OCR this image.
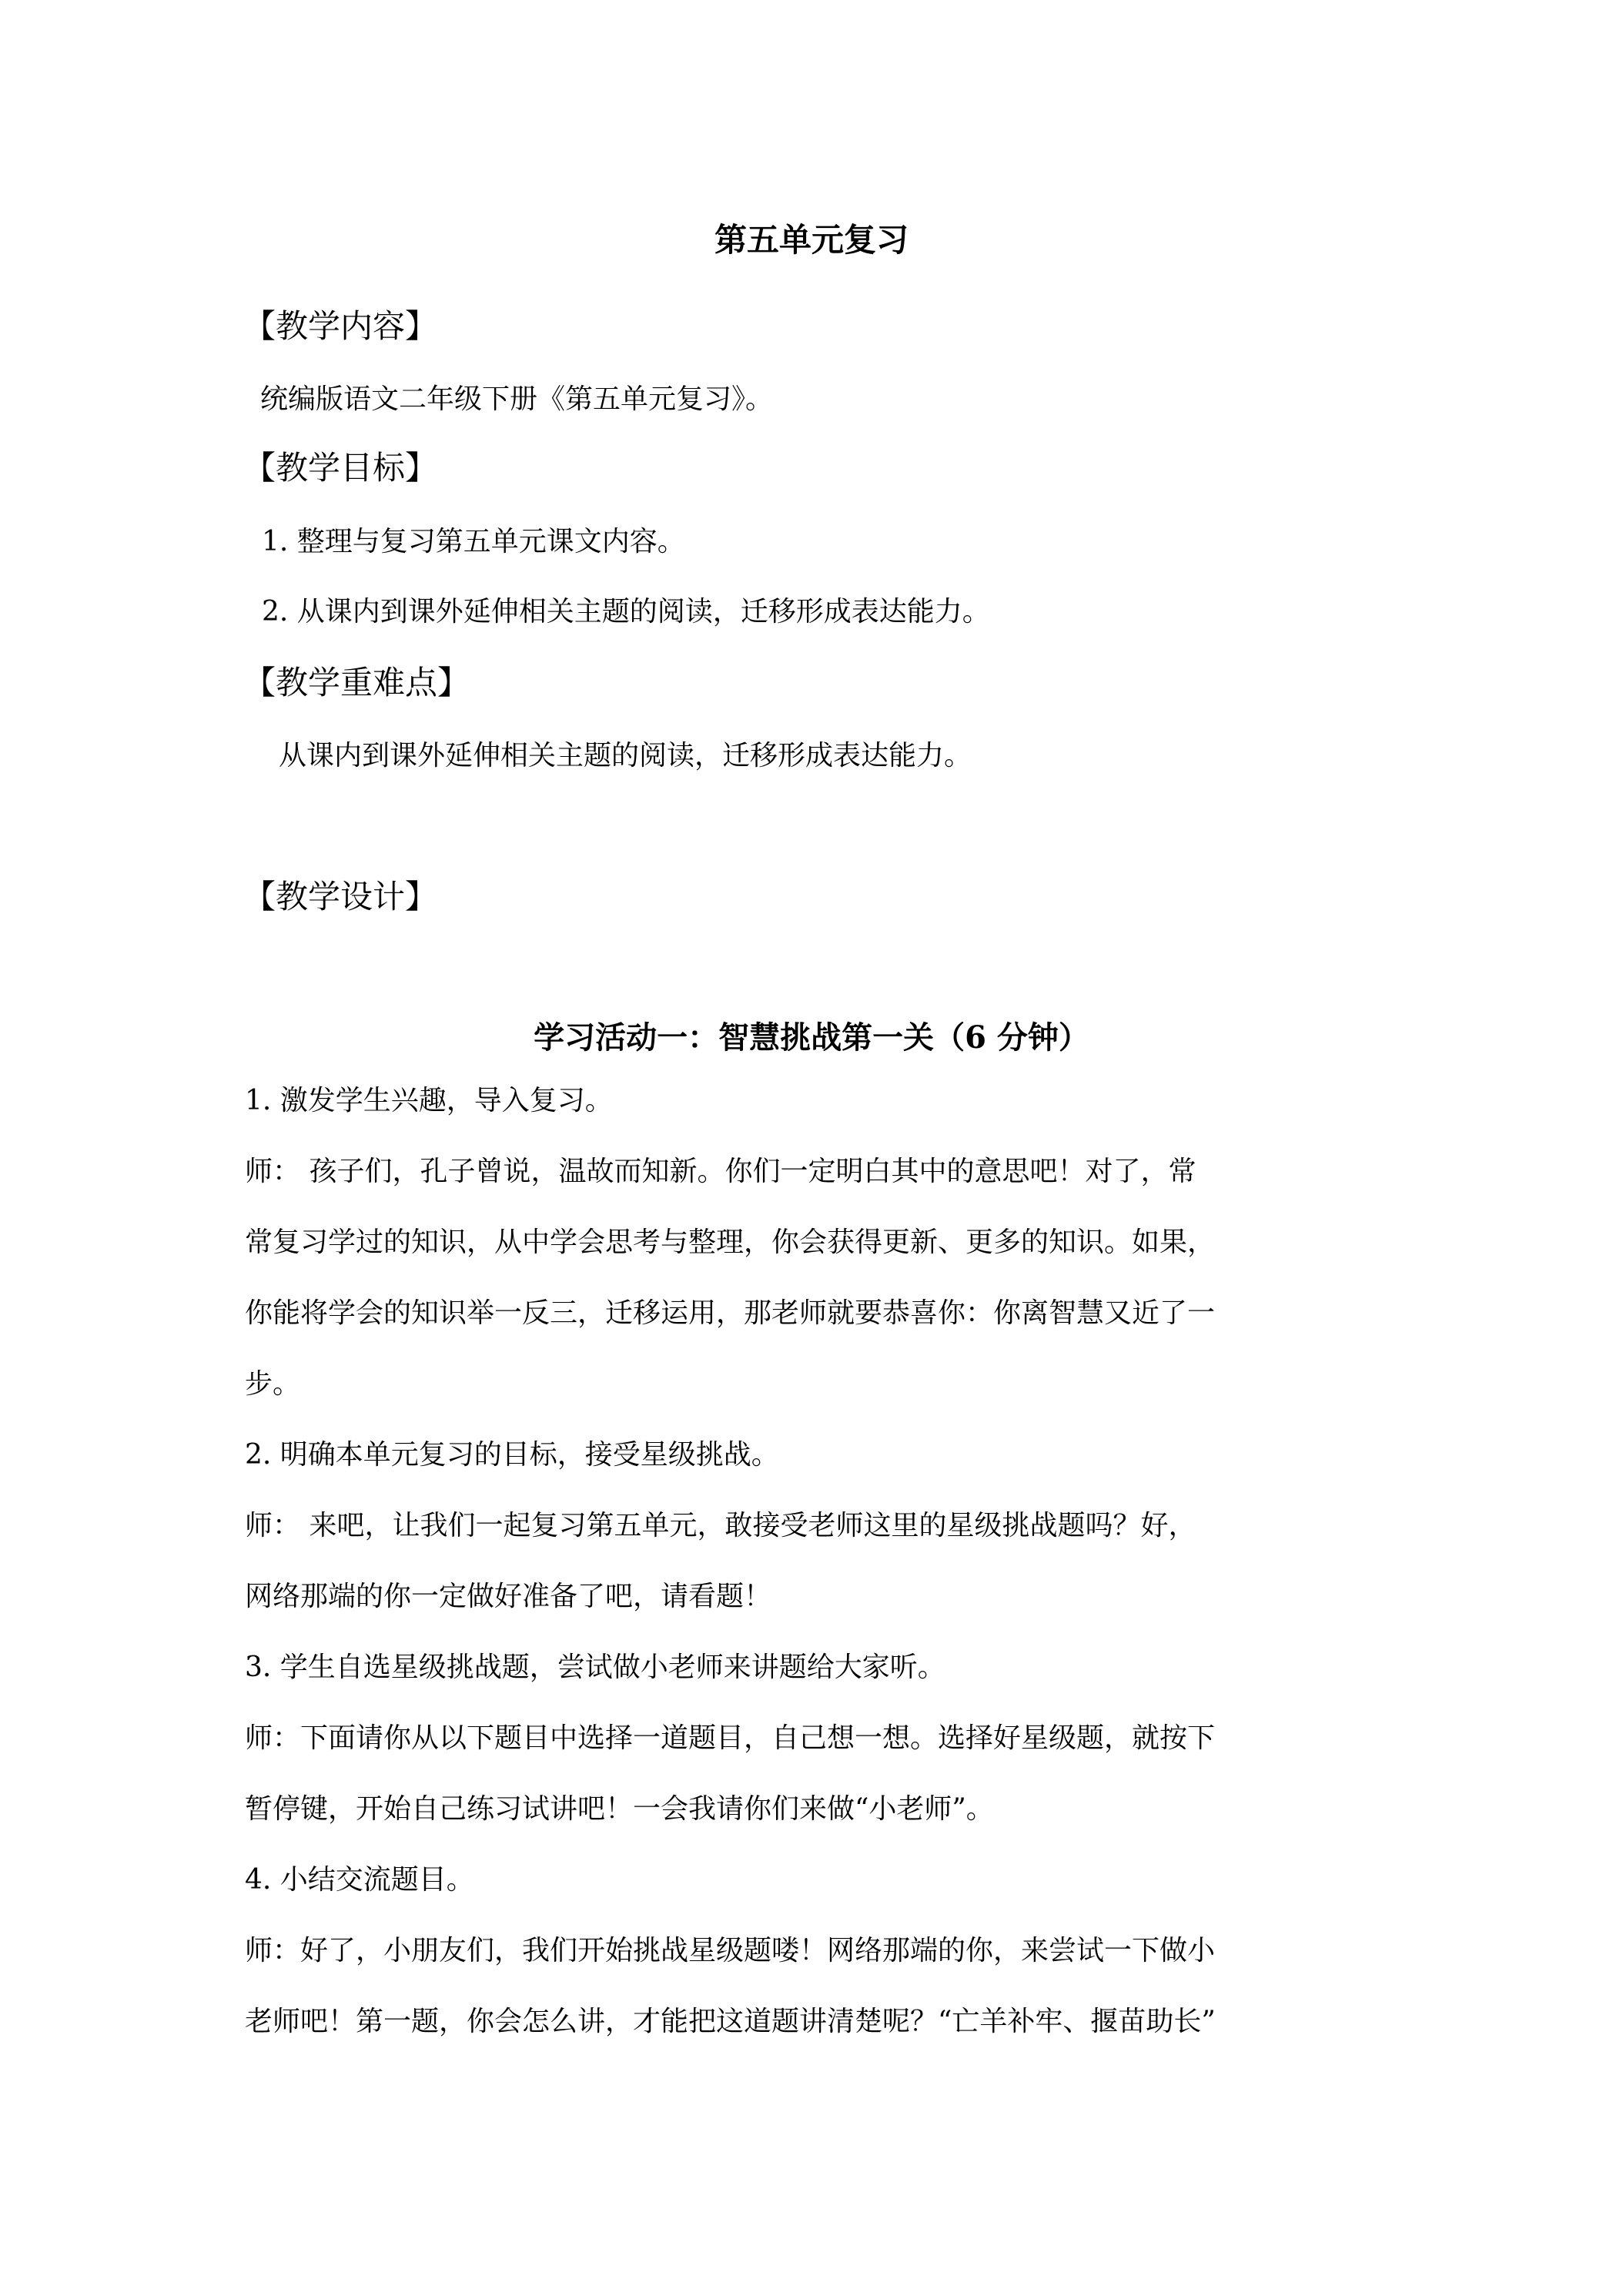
第五单元复习
【教学内容】
统编版语文二年级下册《第五单元复习》。
【教学目标】
1. 整理与复习第五单元课文内容。
2. 从课内到课外延伸相关主题的阅读，迁移形成表达能力。
【教学重难点】
从课内到课外延伸相关主题的阅读，迁移形成表达能力。
【教学设计】
学习活动一：智慧挑战第一关（6 分钟）
1. 激发学生兴趣，导入复习。
师： 孩子们，孔子曾说，温故而知新。你们一定明白其中的意思吧！对了，常
常复习学过的知识，从中学会思考与整理，你会获得更新、更多的知识。如果，
你能将学会的知识举一反三，迁移运用，那老师就要恭喜你：你离智慧又近了一
步。
2. 明确本单元复习的目标，接受星级挑战。
师： 来吧，让我们一起复习第五单元，敢接受老师这里的星级挑战题吗？好，
网络那端的你一定做好准备了吧，请看题！
3. 学生自选星级挑战题，尝试做小老师来讲题给大家听。
师：下面请你从以下题目中选择一道题目，自己想一想。选择好星级题，就按下
暂停键，开始自己练习试讲吧！一会我请你们来做“小老师”。
4. 小结交流题目。
师：好了，小朋友们，我们开始挑战星级题喽！网络那端的你，来尝试一下做小
老师吧！第一题，你会怎么讲，才能把这道题讲清楚呢？“亡羊补牢、揠苗助长”
